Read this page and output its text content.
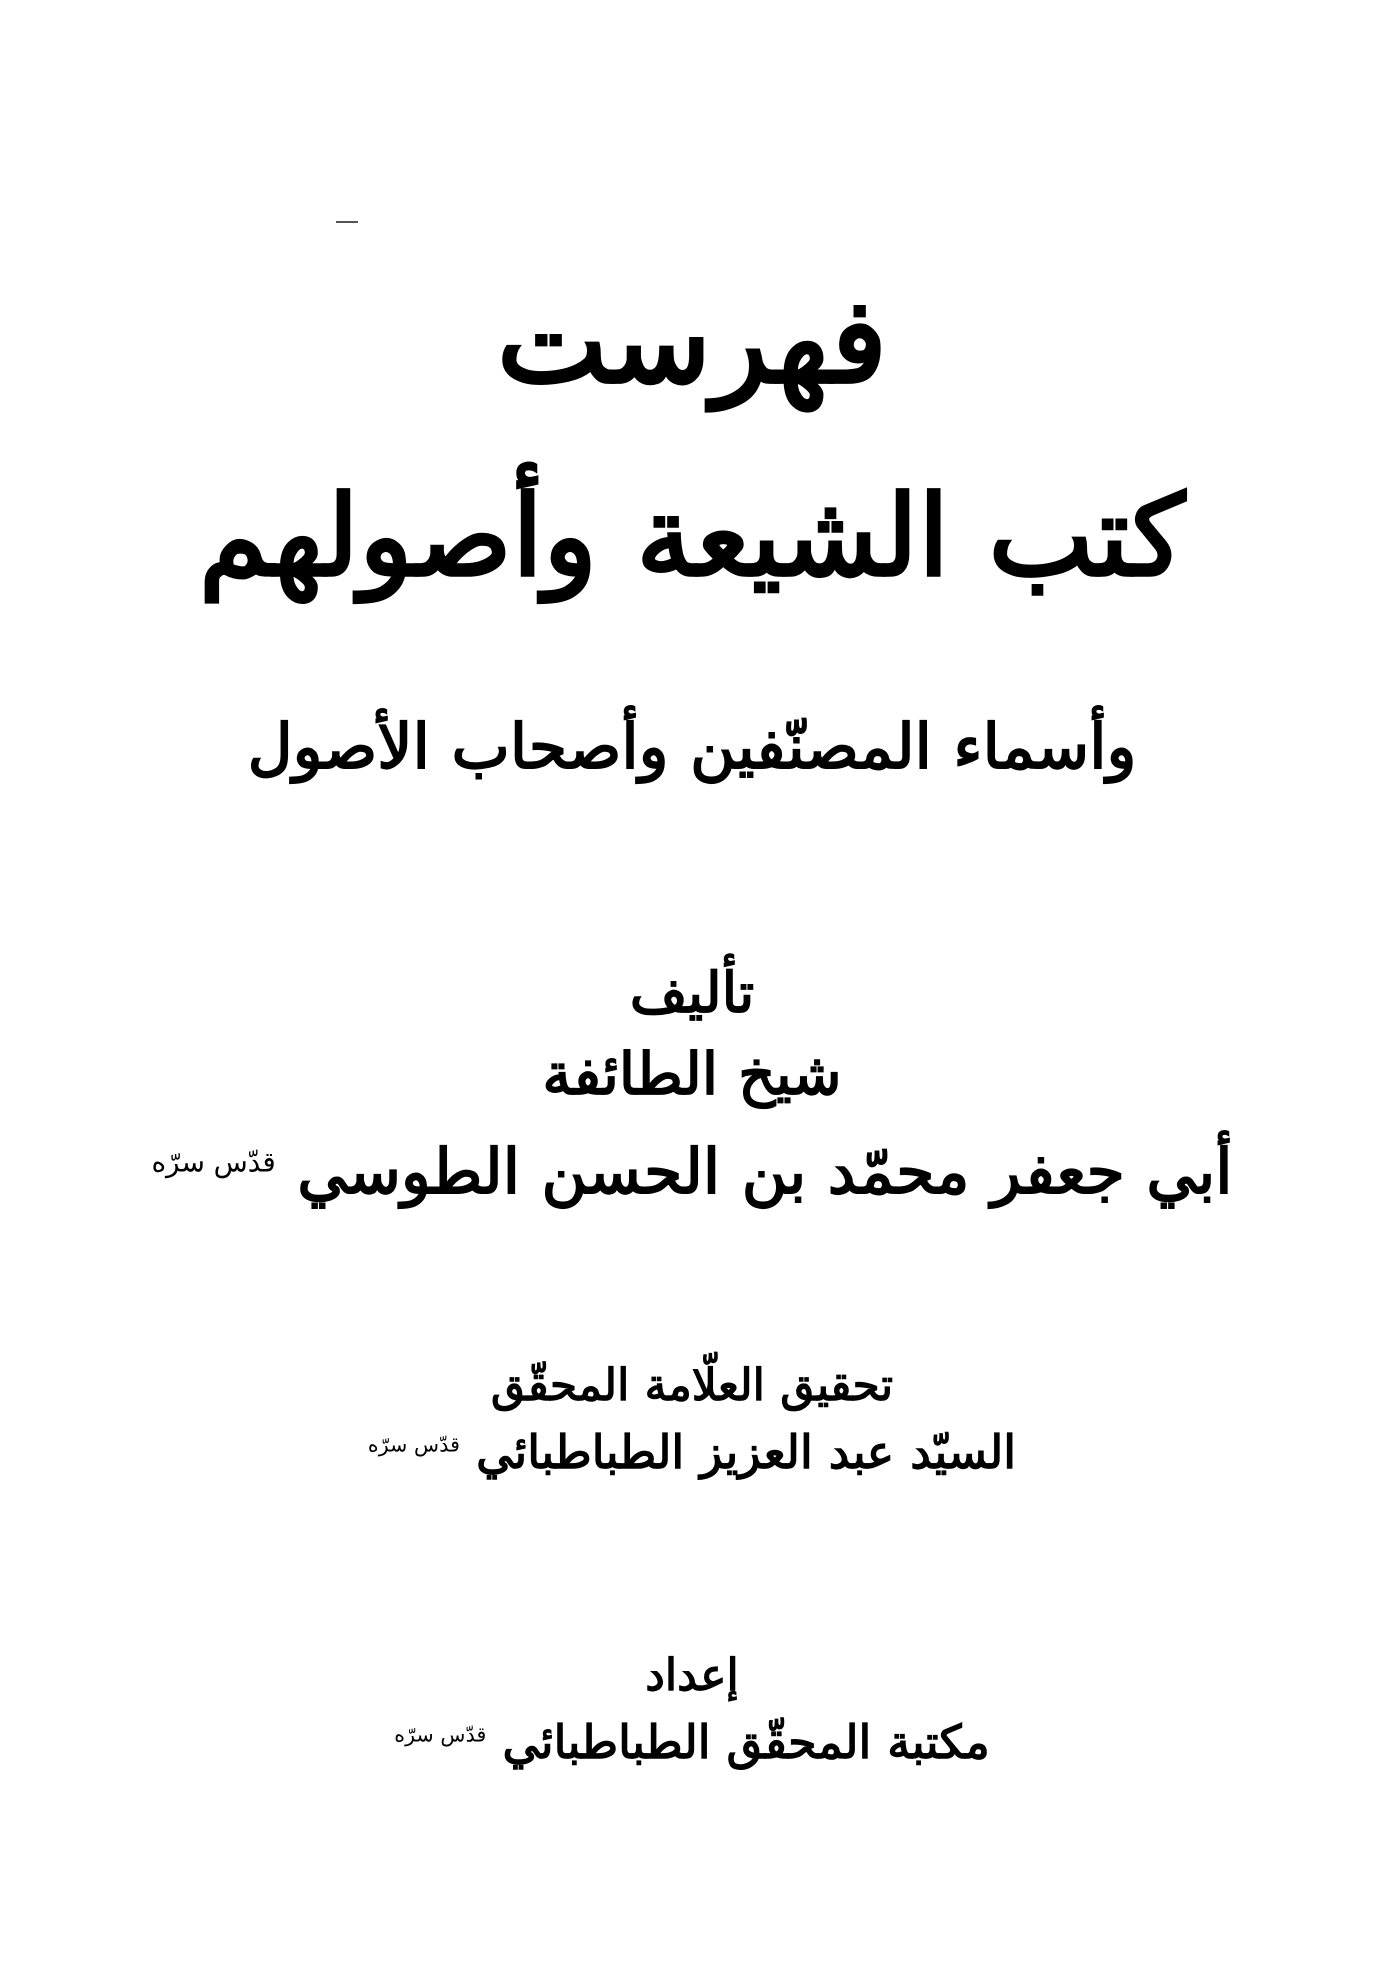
فهرست
كتب الشيعة وأصولهم
وأسماء المصنّفين وأصحاب الأصول
تأليف
شيخ الطائفة
أبي جعفر محمّد بن الحسن الطوسي $^{قدّس سرّه}$
تحقيق العلّامة المحقّق
السيّد عبد العزيز الطباطبائي $^{قدّس سرّه}$
إعداد
مكتبة المحقّق الطباطبائي $^{قدّس سرّه}$
